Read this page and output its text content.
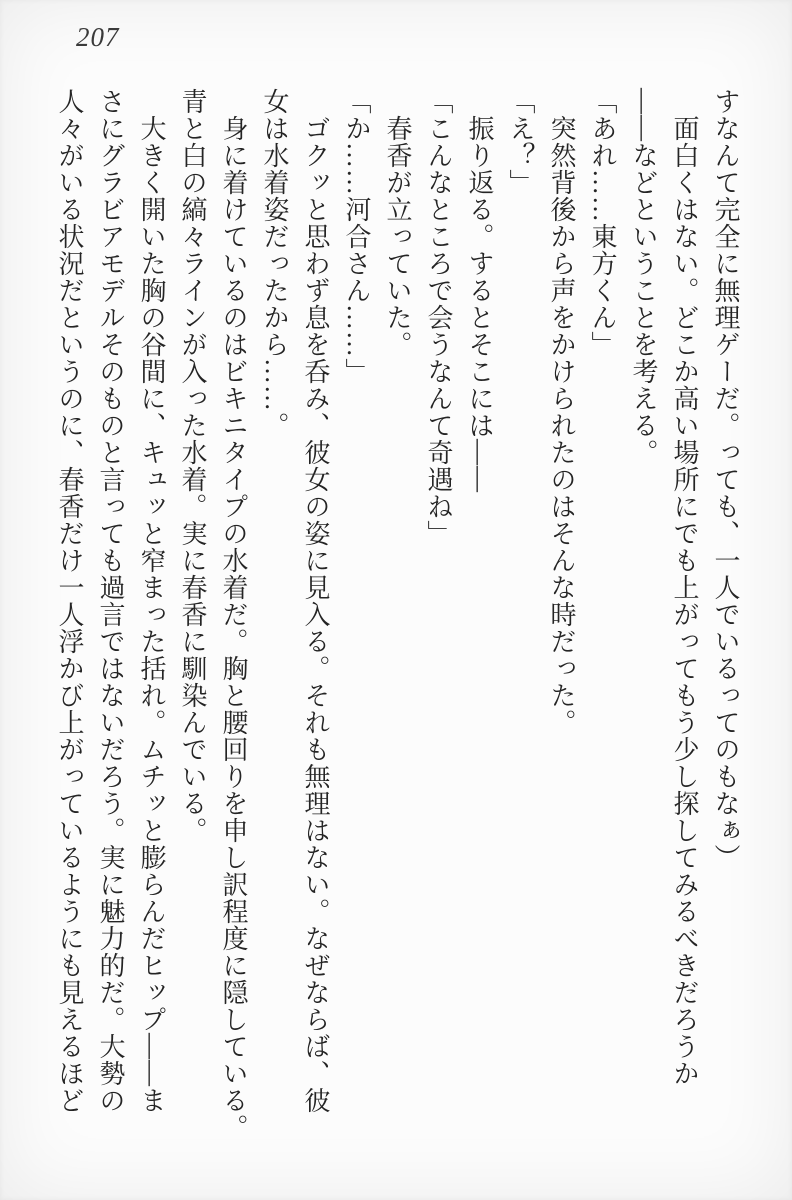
207
すなんて完全に無理ゲーだ。っても、一人でいるってのもなぁ）
面白くはない。どこか高い場所にでも上がってもう少し探してみるべきだろうか
――などということを考える。
「あれ……東方くん」
突然背後から声をかけられたのはそんな時だった。
「え？」
振り返る。するとそこには――
「こんなところで会うなんて奇遇ね」
春香が立っていた。
「か……河合さん……」
ゴクッと思わず息を呑み、彼女の姿に見入る。それも無理はない。なぜならば、彼
女は水着姿だったから……。
身に着けているのはビキニタイプの水着だ。胸と腰回りを申し訳程度に隠している。
青と白の縞々ラインが入った水着。実に春香に馴染んでいる。
大きく開いた胸の谷間に、キュッと窄まった括れ。ムチッと膨らんだヒップ――ま
さにグラビアモデルそのものと言っても過言ではないだろう。実に魅力的だ。大勢の
人々がいる状況だというのに、春香だけ一人浮かび上がっているようにも見えるほど
